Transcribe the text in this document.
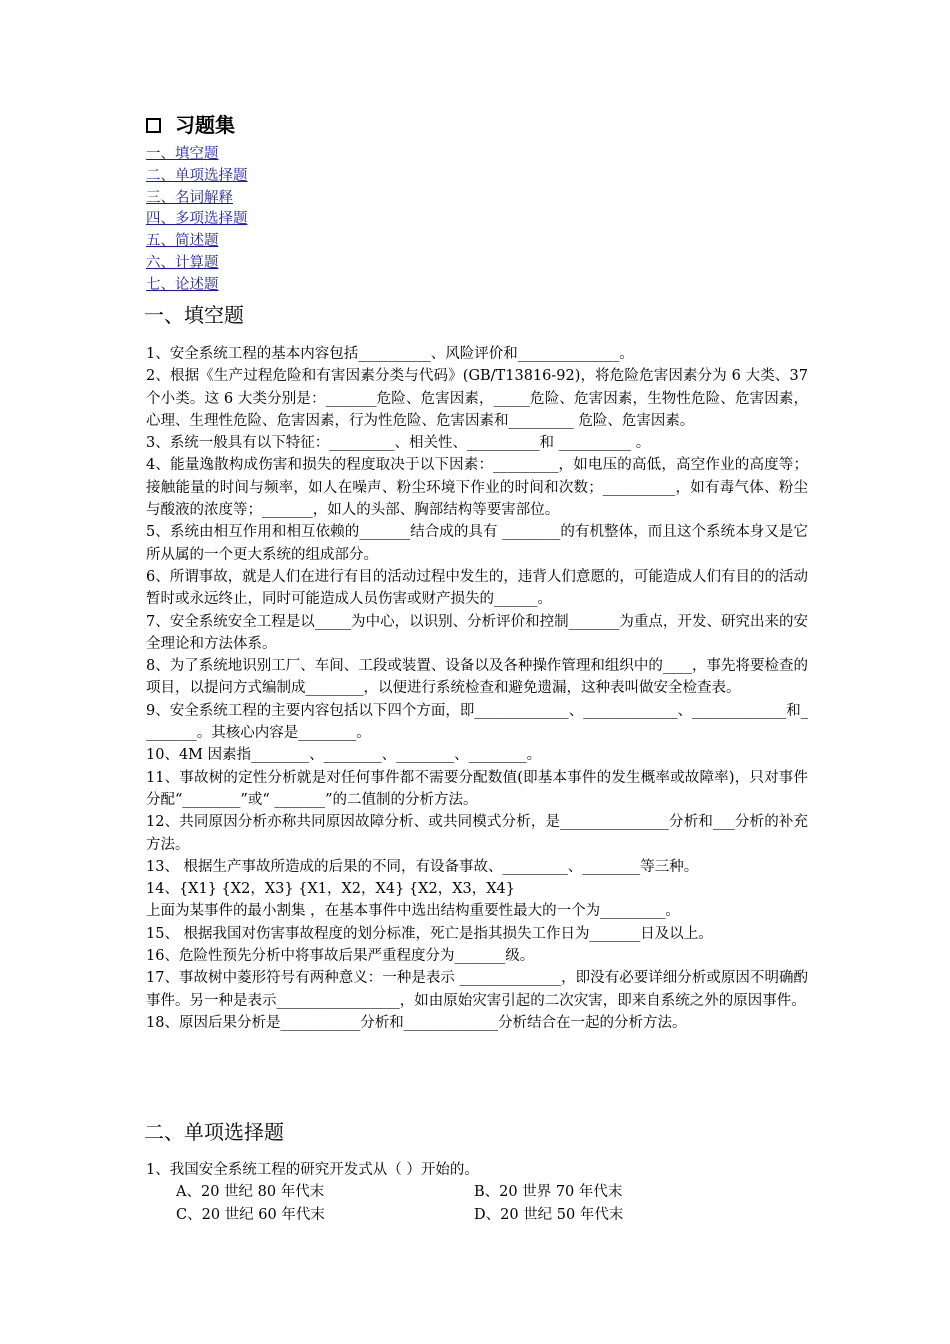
习题集
一、填空题
二、单项选择题
三、名词解释
四、多项选择题
五、简述题
六、计算题
七、论述题
一、填空题

1、安全系统工程的基本内容包括__________、风险评价和______________。

2、根据《生产过程危险和有害因素分类与代码》(GB/T13816-92)，将危险危害因素分为 6 大类、37 个小类。这 6 大类分别是：_______危险、危害因素，_____危险、危害因素，生物性危险、危害因素，心理、生理性危险、危害因素，行为性危险、危害因素和_________ 危险、危害因素。

3、系统一般具有以下特征：_________、相关性、__________和 __________ 。

4、能量逸散构成伤害和损失的程度取决于以下因素：_________，如电压的高低，高空作业的高度等；接触能量的时间与频率，如人在噪声、粉尘环境下作业的时间和次数；__________，如有毒气体、粉尘与酸液的浓度等；_______，如人的头部、胸部结构等要害部位。

5、系统由相互作用和相互依赖的_______结合成的具有 ________的有机整体，而且这个系统本身又是它所从属的一个更大系统的组成部分。

6、所谓事故，就是人们在进行有目的活动过程中发生的，违背人们意愿的，可能造成人们有目的的活动暂时或永远终止，同时可能造成人员伤害或财产损失的______。

7、安全系统安全工程是以_____为中心，以识别、分析评价和控制_______为重点，开发、研究出来的安全理论和方法体系。

8、为了系统地识别工厂、车间、工段或装置、设备以及各种操作管理和组织中的____，事先将要检查的项目，以提问方式编制成________，以便进行系统检查和避免遗漏，这种表叫做安全检查表。

9、安全系统工程的主要内容包括以下四个方面，即_____________、_____________、_____________和________。其核心内容是________。

10、4M 因素指________、________、________、________。

11、事故树的定性分析就是对任何事件都不需要分配数值(即基本事件的发生概率或故障率)，只对事件分配“________”或“ _______”的二值制的分析方法。

12、共同原因分析亦称共同原因故障分析、或共同模式分析，是_______________分析和___分析的补充方法。

13、 根据生产事故所造成的后果的不同，有设备事故、_________、________等三种。

14、{X1} {X2，X3} {X1，X2，X4} {X2，X3，X4}

上面为某事件的最小割集 ，在基本事件中选出结构重要性最大的一个为_________。

15、 根据我国对伤害事故程度的划分标准，死亡是指其损失工作日为_______日及以上。

16、危险性预先分析中将事故后果严重程度分为_______级。

17、事故树中菱形符号有两种意义：一种是表示 ______________，即没有必要详细分析或原因不明确酌事件。另一种是表示_________________，如由原始灾害引起的二次灾害，即来自系统之外的原因事件。

18、原因后果分析是___________分析和_____________分析结合在一起的分析方法。

二、单项选择题

1、我国安全系统工程的研究开发式从（ ）开始的。

A、20 世纪 80 年代末	B、20 世界 70 年代末
C、20 世纪 60 年代末	D、20 世纪 50 年代末
